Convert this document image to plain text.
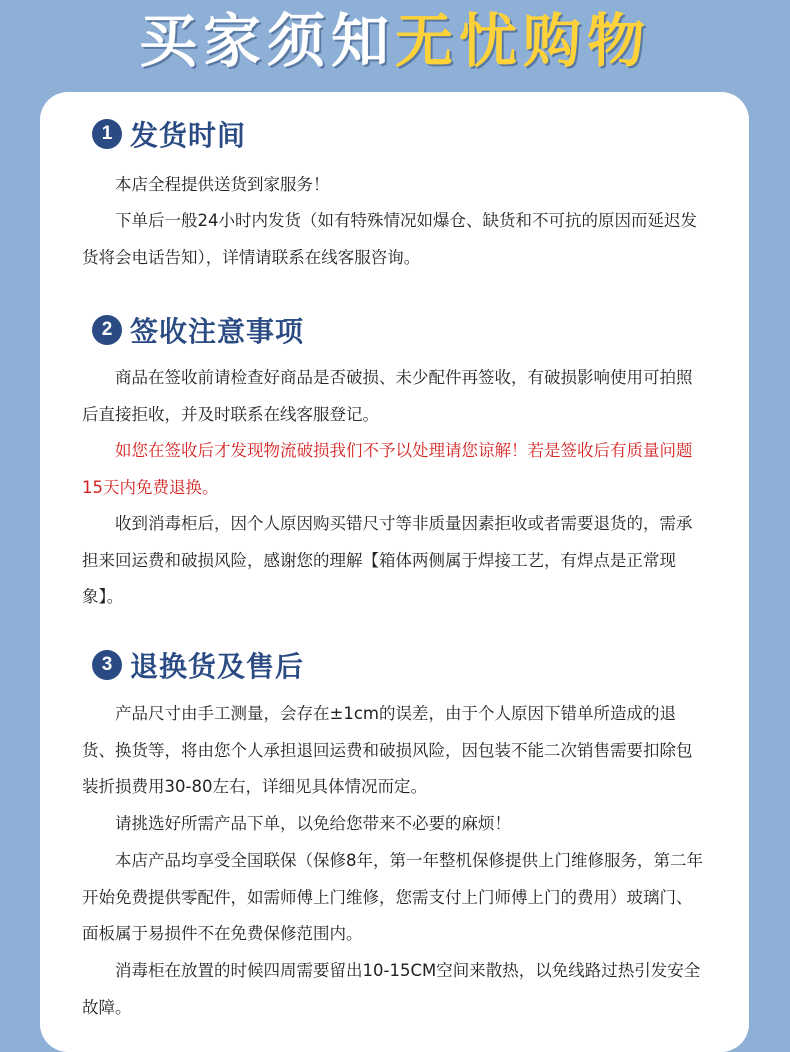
买家须知无忧购物
1 发货时间

本店全程提供送货到家服务！

下单后一般24小时内发货（如有特殊情况如爆仓、缺货和不可抗的原因而延迟发货将会电话告知），详情请联系在线客服咨询。

2 签收注意事项

商品在签收前请检查好商品是否破损、未少配件再签收，有破损影响使用可拍照后直接拒收，并及时联系在线客服登记。

如您在签收后才发现物流破损我们不予以处理请您谅解！若是签收后有质量问题15天内免费退换。

收到消毒柜后，因个人原因购买错尺寸等非质量因素拒收或者需要退货的，需承担来回运费和破损风险，感谢您的理解【箱体两侧属于焊接工艺，有焊点是正常现象】。

3 退换货及售后

产品尺寸由手工测量，会存在±1cm的误差，由于个人原因下错单所造成的退货、换货等，将由您个人承担退回运费和破损风险，因包装不能二次销售需要扣除包装折损费用30-80左右，详细见具体情况而定。

请挑选好所需产品下单，以免给您带来不必要的麻烦！

本店产品均享受全国联保（保修8年，第一年整机保修提供上门维修服务，第二年开始免费提供零配件，如需师傅上门维修，您需支付上门师傅上门的费用）玻璃门、面板属于易损件不在免费保修范围内。

消毒柜在放置的时候四周需要留出10-15CM空间来散热，以免线路过热引发安全故障。
